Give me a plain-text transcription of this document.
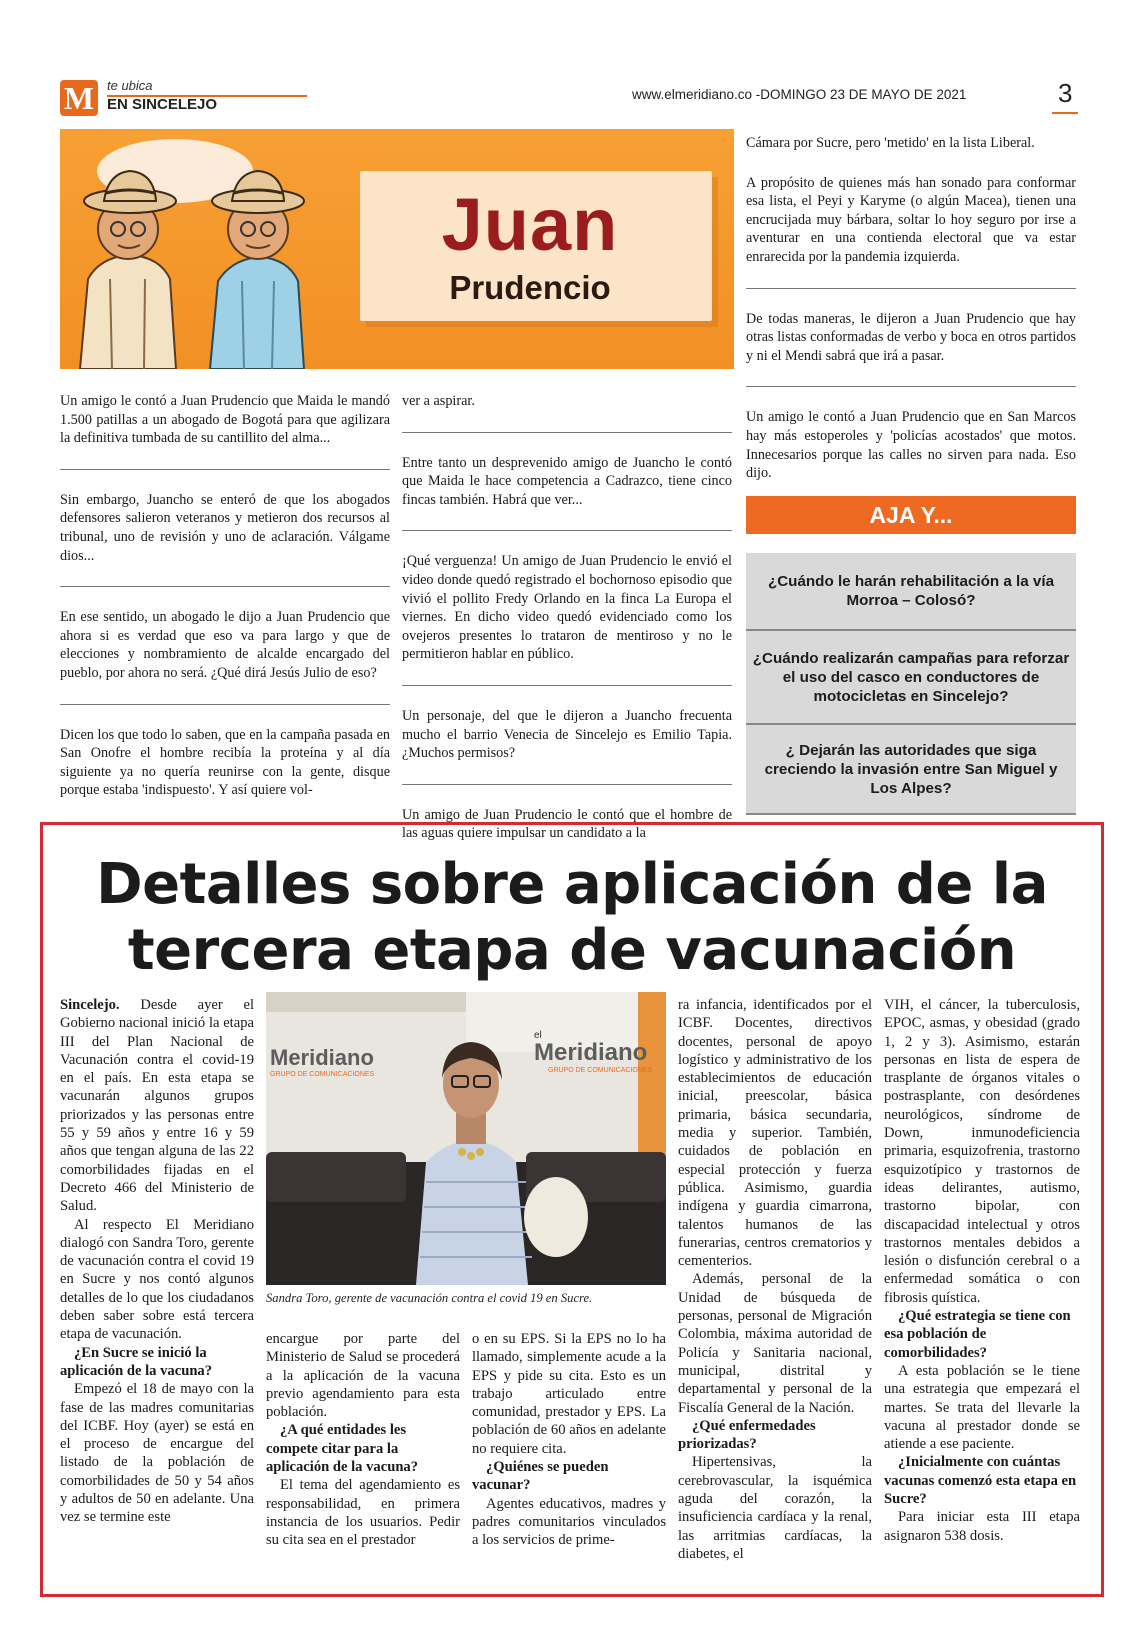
M te ubica
EN SINCELEJO
www.elmeridiano.co -DOMINGO 23 DE MAYO DE 2021	3
Juan
Prudencio

Un amigo le contó a Juan Prudencio que Maida le mandó 1.500 patillas a un abogado de Bogotá para que agilizara la definitiva tumbada de su cantillito del alma...

Sin embargo, Juancho se enteró de que los abogados defensores salieron veteranos y metieron dos recursos al tribunal, uno de revisión y uno de aclaración. Válgame dios...

En ese sentido, un abogado le dijo a Juan Prudencio que ahora si es verdad que eso va para largo y que de elecciones y nombramiento de alcalde encargado del pueblo, por ahora no será. ¿Qué dirá Jesús Julio de eso?

Dicen los que todo lo saben, que en la campaña pasada en San Onofre el hombre recibía la proteína y al día siguiente ya no quería reunirse con la gente, disque porque estaba 'indispuesto'. Y así quiere vol-

ver a aspirar.

Entre tanto un desprevenido amigo de Juancho le contó que Maida le hace competencia a Cadrazco, tiene cinco fincas también. Habrá que ver...

¡Qué verguenza! Un amigo de Juan Prudencio le envió el video donde quedó registrado el bochornoso episodio que vivió el pollito Fredy Orlando en la finca La Europa el viernes. En dicho video quedó evidenciado como los ovejeros presentes lo trataron de mentiroso y no le permitieron hablar en público.

Un personaje, del que le dijeron a Juancho frecuenta mucho el barrio Venecia de Sincelejo es Emilio Tapia. ¿Muchos permisos?

Un amigo de Juan Prudencio le contó que el hombre de las aguas quiere impulsar un candidato a la

Cámara por Sucre, pero 'metido' en la lista Liberal.

A propósito de quienes más han sonado para conformar esa lista, el Peyi y Karyme (o algún Macea), tienen una encrucijada muy bárbara, soltar lo hoy seguro por irse a aventurar en una contienda electoral que va estar enrarecida por la pandemia izquierda.

De todas maneras, le dijeron a Juan Prudencio que hay otras listas conformadas de verbo y boca en otros partidos y ni el Mendi sabrá que irá a pasar.

Un amigo le contó a Juan Prudencio que en San Marcos hay más estoperoles y 'policías acostados' que motos. Innecesarios porque las calles no sirven para nada. Eso dijo.

AJA Y...
¿Cuándo le harán rehabilitación a la vía Morroa – Colosó?
¿Cuándo realizarán campañas para reforzar el uso del casco en conductores de motocicletas en Sincelejo?
¿ Dejarán las autoridades que siga creciendo la invasión entre San Miguel y Los Alpes?
Detalles sobre aplicación de la tercera etapa de vacunación
Meridiano
GRUPO DE COMUNICACIONES
el
Meridiano
GRUPO DE COMUNICACIONES
Sandra Toro, gerente de vacunación contra el covid 19 en Sucre.

Sincelejo. Desde ayer el Gobierno nacional inició la etapa III del Plan Nacional de Vacunación contra el covid-19 en el país. En esta etapa se vacunarán algunos grupos priorizados y las personas entre 55 y 59 años y entre 16 y 59 años que tengan alguna de las 22 comorbilidades fijadas en el Decreto 466 del Ministerio de Salud.

Al respecto El Meridiano dialogó con Sandra Toro, gerente de vacunación contra el covid 19 en Sucre y nos contó algunos detalles de lo que los ciudadanos deben saber sobre está tercera etapa de vacunación.

¿En Sucre se inició la aplicación de la vacuna?

Empezó el 18 de mayo con la fase de las madres comunitarias del ICBF. Hoy (ayer) se está en el proceso de encargue del listado de la población de comorbilidades de 50 y 54 años y adultos de 50 en adelante. Una vez se termine este

encargue por parte del Ministerio de Salud se procederá a la aplicación de la vacuna previo agendamiento para esta población.

¿A qué entidades les compete citar para la aplicación de la vacuna?

El tema del agendamiento es responsabilidad, en primera instancia de los usuarios. Pedir su cita sea en el prestador

o en su EPS. Si la EPS no lo ha llamado, simplemente acude a la EPS y pide su cita. Esto es un trabajo articulado entre comunidad, prestador y EPS. La población de 60 años en adelante no requiere cita.

¿Quiénes se pueden vacunar?

Agentes educativos, madres y padres comunitarios vinculados a los servicios de prime-

ra infancia, identificados por el ICBF. Docentes, directivos docentes, personal de apoyo logístico y administrativo de los establecimientos de educación inicial, preescolar, básica primaria, básica secundaria, media y superior. También, cuidados de población en especial protección y fuerza pública. Asimismo, guardia indígena y guardia cimarrona, talentos humanos de las funerarias, centros crematorios y cementerios.

Además, personal de la Unidad de búsqueda de personas, personal de Migración Colombia, máxima autoridad de Policía y Sanitaria nacional, municipal, distrital y departamental y personal de la Fiscalía General de la Nación.

¿Qué enfermedades priorizadas?

Hipertensivas, la cerebrovascular, la isquémica aguda del corazón, la insuficiencia cardíaca y la renal, las arritmias cardíacas, la diabetes, el

VIH, el cáncer, la tuberculosis, EPOC, asmas, y obesidad (grado 1, 2 y 3). Asimismo, estarán personas en lista de espera de trasplante de órganos vitales o postrasplante, con desórdenes neurológicos, síndrome de Down, inmunodeficiencia primaria, esquizofrenia, trastorno esquizotípico y trastornos de ideas delirantes, autismo, trastorno bipolar, con discapacidad intelectual y otros trastornos mentales debidos a lesión o disfunción cerebral o a enfermedad somática o con fibrosis quística.

¿Qué estrategia se tiene con esa población de comorbilidades?

A esta población se le tiene una estrategia que empezará el martes. Se trata del llevarle la vacuna al prestador donde se atiende a ese paciente.

¿Inicialmente con cuántas vacunas comenzó esta etapa en Sucre?

Para iniciar esta III etapa asignaron 538 dosis.
